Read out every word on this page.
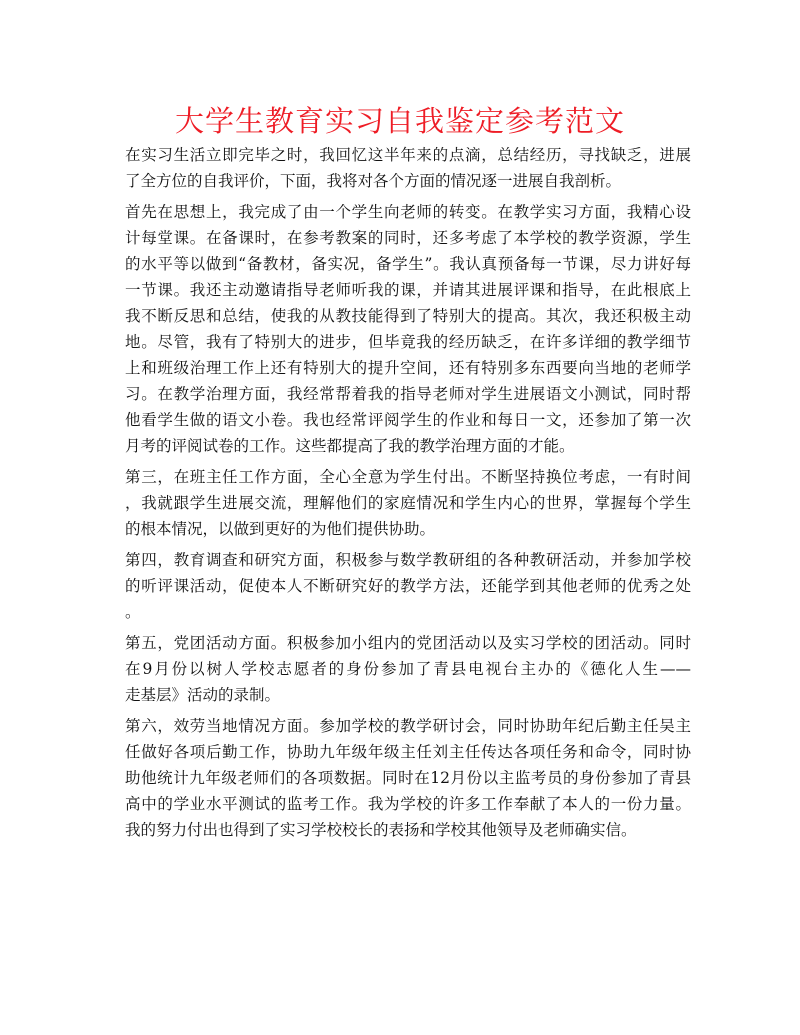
大学生教育实习自我鉴定参考范文
在实习生活立即完毕之时，我回忆这半年来的点滴，总结经历，寻找缺乏，进展
了全方位的自我评价，下面，我将对各个方面的情况逐一进展自我剖析。
首先在思想上，我完成了由一个学生向老师的转变。在教学实习方面，我精心设
计每堂课。在备课时，在参考教案的同时，还多考虑了本学校的教学资源，学生
的水平等以做到“备教材，备实况，备学生”。我认真预备每一节课，尽力讲好每
一节课。我还主动邀请指导老师听我的课，并请其进展评课和指导，在此根底上
我不断反思和总结，使我的从教技能得到了特别大的提高。其次，我还积极主动
地。尽管，我有了特别大的进步，但毕竟我的经历缺乏，在许多详细的教学细节
上和班级治理工作上还有特别大的提升空间，还有特别多东西要向当地的老师学
习。在教学治理方面，我经常帮着我的指导老师对学生进展语文小测试，同时帮
他看学生做的语文小卷。我也经常评阅学生的作业和每日一文，还参加了第一次
月考的评阅试卷的工作。这些都提高了我的教学治理方面的才能。
第三，在班主任工作方面，全心全意为学生付出。不断坚持换位考虑，一有时间
，我就跟学生进展交流，理解他们的家庭情况和学生内心的世界，掌握每个学生
的根本情况，以做到更好的为他们提供协助。
第四，教育调查和研究方面，积极参与数学教研组的各种教研活动，并参加学校
的听评课活动，促使本人不断研究好的教学方法，还能学到其他老师的优秀之处
。
第五，党团活动方面。积极参加小组内的党团活动以及实习学校的团活动。同时
在9月份以树人学校志愿者的身份参加了青县电视台主办的《德化人生——
走基层》活动的录制。
第六，效劳当地情况方面。参加学校的教学研讨会，同时协助年纪后勤主任吴主
任做好各项后勤工作，协助九年级年级主任刘主任传达各项任务和命令，同时协
助他统计九年级老师们的各项数据。同时在12月份以主监考员的身份参加了青县
高中的学业水平测试的监考工作。我为学校的许多工作奉献了本人的一份力量。
我的努力付出也得到了实习学校校长的表扬和学校其他领导及老师确实信。
